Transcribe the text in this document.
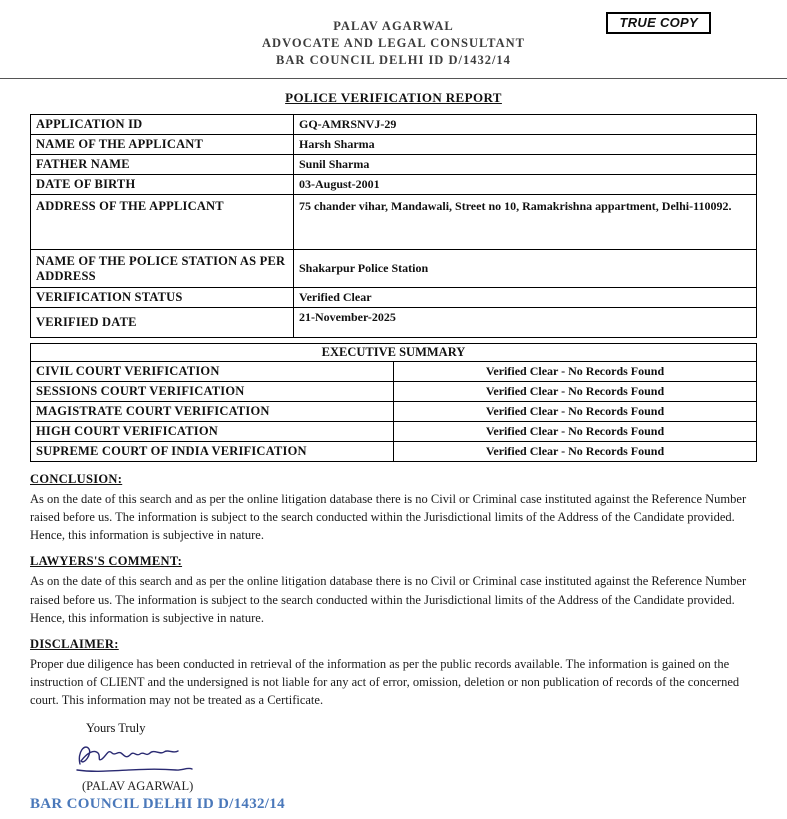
TRUE COPY
PALAV AGARWAL
ADVOCATE AND LEGAL CONSULTANT
BAR COUNCIL DELHI ID D/1432/14
POLICE VERIFICATION REPORT
APPLICATION ID	GQ-AMRSNVJ-29
NAME OF THE APPLICANT	Harsh Sharma
FATHER NAME	Sunil Sharma
DATE OF BIRTH	03-August-2001
ADDRESS OF THE APPLICANT	75 chander vihar, Mandawali, Street no 10, Ramakrishna appartment, Delhi-110092.
NAME OF THE POLICE STATION AS PER ADDRESS	Shakarpur Police Station
VERIFICATION STATUS	Verified Clear
VERIFIED DATE	21-November-2025
EXECUTIVE SUMMARY	
CIVIL COURT VERIFICATION	Verified Clear - No Records Found
SESSIONS COURT VERIFICATION	Verified Clear - No Records Found
MAGISTRATE COURT VERIFICATION	Verified Clear - No Records Found
HIGH COURT VERIFICATION	Verified Clear - No Records Found
SUPREME COURT OF INDIA VERIFICATION	Verified Clear - No Records Found
CONCLUSION:

As on the date of this search and as per the online litigation database there is no Civil or Criminal case instituted against the Reference Number raised before us. The information is subject to the search conducted within the Jurisdictional limits of the Address of the Candidate provided. Hence, this information is subjective in nature.

LAWYERS'S COMMENT:

As on the date of this search and as per the online litigation database there is no Civil or Criminal case instituted against the Reference Number raised before us. The information is subject to the search conducted within the Jurisdictional limits of the Address of the Candidate provided. Hence, this information is subjective in nature.

DISCLAIMER:

Proper due diligence has been conducted in retrieval of the information as per the public records available. The information is gained on the instruction of CLIENT and the undersigned is not liable for any act of error, omission, deletion or non publication of records of the concerned court. This information may not be treated as a Certificate.

Yours Truly
(PALAV AGARWAL)
BAR COUNCIL DELHI ID D/1432/14
